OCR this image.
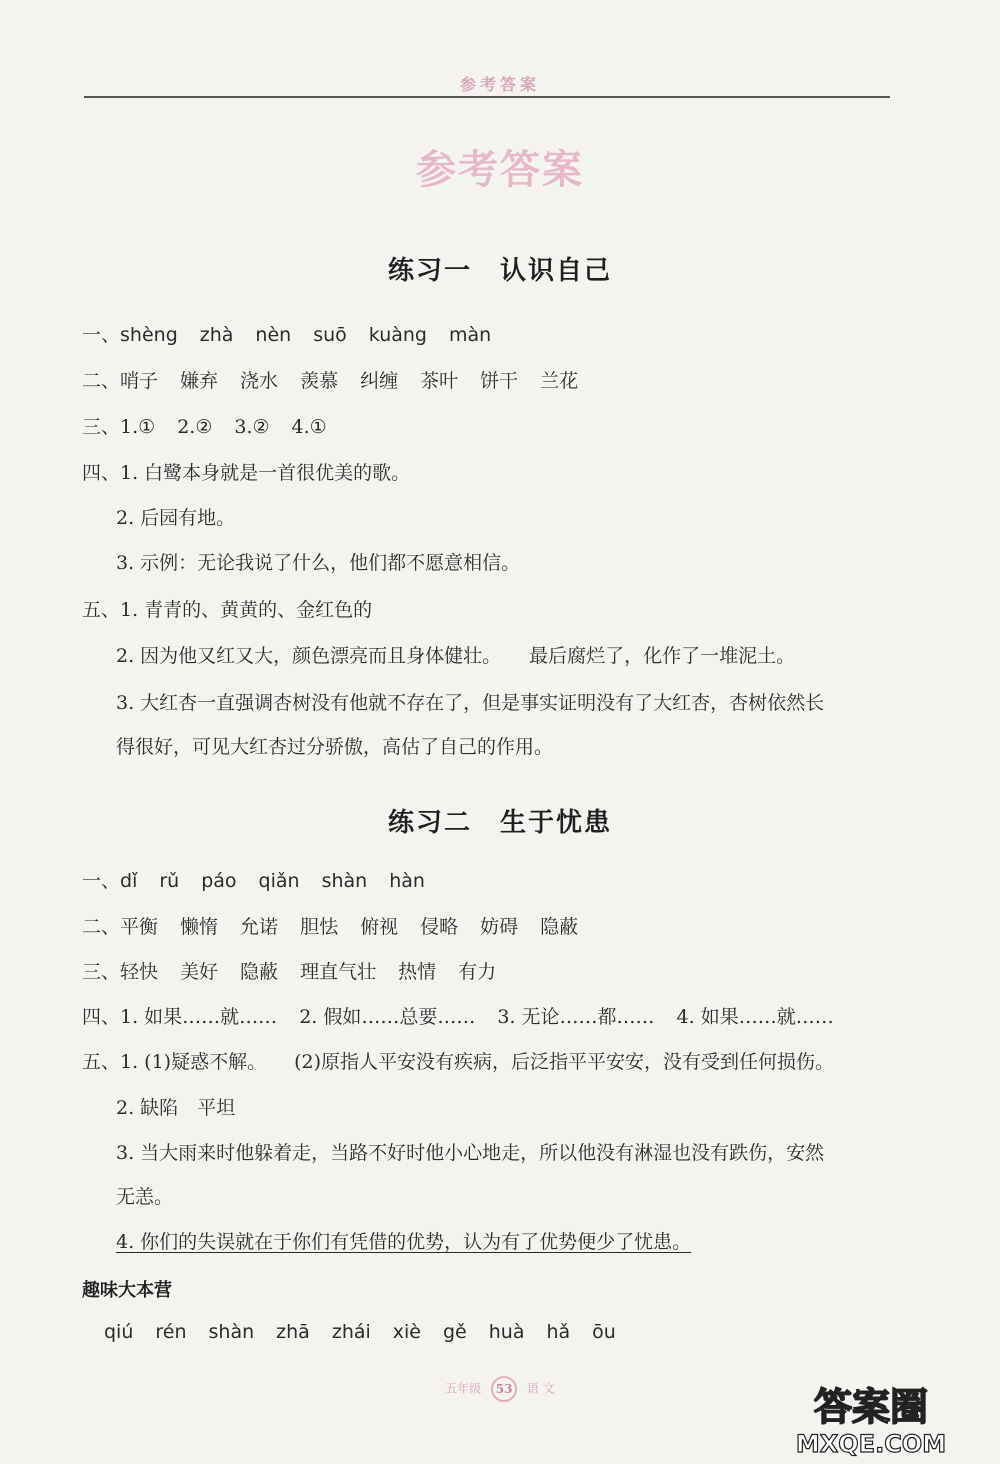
参考答案
参考答案
练习一 认识自己
一、shèng zhà nèn suō kuàng màn
二、哨子 嫌弃 浇水 羡慕 纠缠 茶叶 饼干 兰花
三、1.① 2.② 3.② 4.①
四、1. 白鹭本身就是一首很优美的歌。
2. 后园有地。
3. 示例：无论我说了什么，他们都不愿意相信。
五、1. 青青的、黄黄的、金红色的
2. 因为他又红又大，颜色漂亮而且身体健壮。 最后腐烂了，化作了一堆泥土。
3. 大红杏一直强调杏树没有他就不存在了，但是事实证明没有了大红杏，杏树依然长
得很好，可见大红杏过分骄傲，高估了自己的作用。
练习二 生于忧患
一、dǐ rǔ páo qiǎn shàn hàn
二、平衡 懒惰 允诺 胆怯 俯视 侵略 妨碍 隐蔽
三、轻快 美好 隐蔽 理直气壮 热情 有力
四、1. 如果……就…… 2. 假如……总要…… 3. 无论……都…… 4. 如果……就……
五、1. (1)疑惑不解。 (2)原指人平安没有疾病，后泛指平平安安，没有受到任何损伤。
2. 缺陷　平坦
3. 当大雨来时他躲着走，当路不好时他小心地走，所以他没有淋湿也没有跌伤，安然
无恙。
4. 你们的失误就在于你们有凭借的优势，认为有了优势便少了忧患。
趣味大本营
qiú rén shàn zhā zhái xiè gě huà hǎ ōu
五年级 53 语 文	答案圈
MXQE.COM
